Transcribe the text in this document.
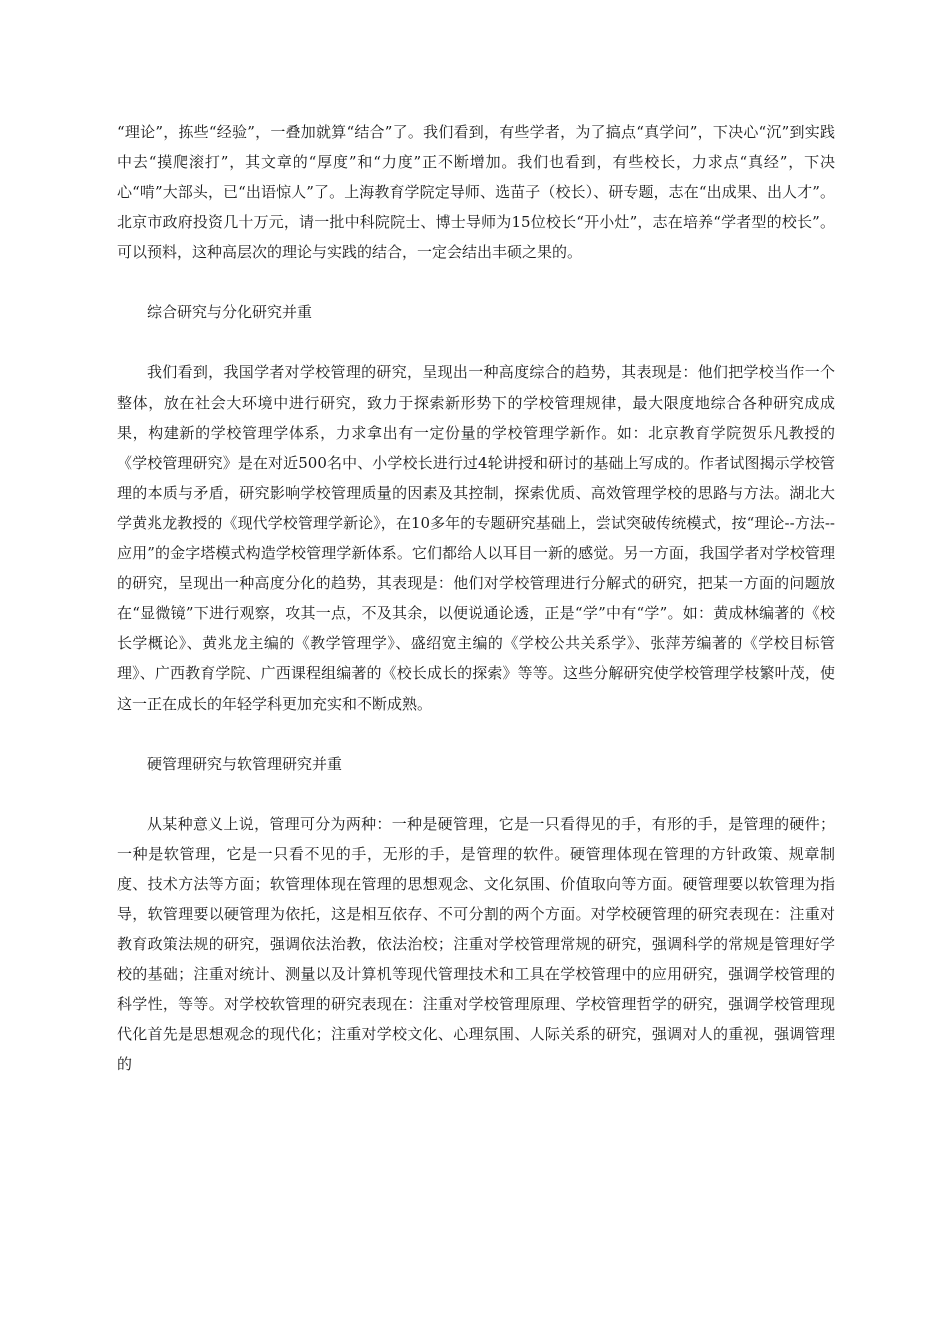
“理论”，拣些“经验”，一叠加就算“结合”了。我们看到，有些学者，为了搞点“真学问”，下决心“沉”到实践中去“摸爬滚打”，其文章的“厚度”和“力度”正不断增加。我们也看到，有些校长，力求点“真经”，下决心“啃”大部头，已“出语惊人”了。上海教育学院定导师、选苗子（校长）、研专题，志在“出成果、出人才”。北京市政府投资几十万元，请一批中科院院士、博士导师为15位校长“开小灶”，志在培养“学者型的校长”。可以预料，这种高层次的理论与实践的结合，一定会结出丰硕之果的。

综合研究与分化研究并重

我们看到，我国学者对学校管理的研究，呈现出一种高度综合的趋势，其表现是：他们把学校当作一个整体，放在社会大环境中进行研究，致力于探索新形势下的学校管理规律，最大限度地综合各种研究成成果，构建新的学校管理学体系，力求拿出有一定份量的学校管理学新作。如：北京教育学院贺乐凡教授的《学校管理研究》是在对近500名中、小学校长进行过4轮讲授和研讨的基础上写成的。作者试图揭示学校管理的本质与矛盾，研究影响学校管理质量的因素及其控制，探索优质、高效管理学校的思路与方法。湖北大学黄兆龙教授的《现代学校管理学新论》，在10多年的专题研究基础上，尝试突破传统模式，按“理论--方法--应用”的金字塔模式构造学校管理学新体系。它们都给人以耳目一新的感觉。另一方面，我国学者对学校管理的研究，呈现出一种高度分化的趋势，其表现是：他们对学校管理进行分解式的研究，把某一方面的问题放在“显微镜”下进行观察，攻其一点，不及其余，以便说通论透，正是“学”中有“学”。如：黄成林编著的《校长学概论》、黄兆龙主编的《教学管理学》、盛绍宽主编的《学校公共关系学》、张萍芳编著的《学校目标管理》、广西教育学院、广西课程组编著的《校长成长的探索》等等。这些分解研究使学校管理学枝繁叶茂，使这一正在成长的年轻学科更加充实和不断成熟。

硬管理研究与软管理研究并重

从某种意义上说，管理可分为两种：一种是硬管理，它是一只看得见的手，有形的手，是管理的硬件；一种是软管理，它是一只看不见的手，无形的手，是管理的软件。硬管理体现在管理的方针政策、规章制度、技术方法等方面；软管理体现在管理的思想观念、文化氛围、价值取向等方面。硬管理要以软管理为指导，软管理要以硬管理为依托，这是相互依存、不可分割的两个方面。对学校硬管理的研究表现在：注重对教育政策法规的研究，强调依法治教，依法治校；注重对学校管理常规的研究，强调科学的常规是管理好学校的基础；注重对统计、测量以及计算机等现代管理技术和工具在学校管理中的应用研究，强调学校管理的科学性，等等。对学校软管理的研究表现在：注重对学校管理原理、学校管理哲学的研究，强调学校管理现代化首先是思想观念的现代化；注重对学校文化、心理氛围、人际关系的研究，强调对人的重视，强调管理的
